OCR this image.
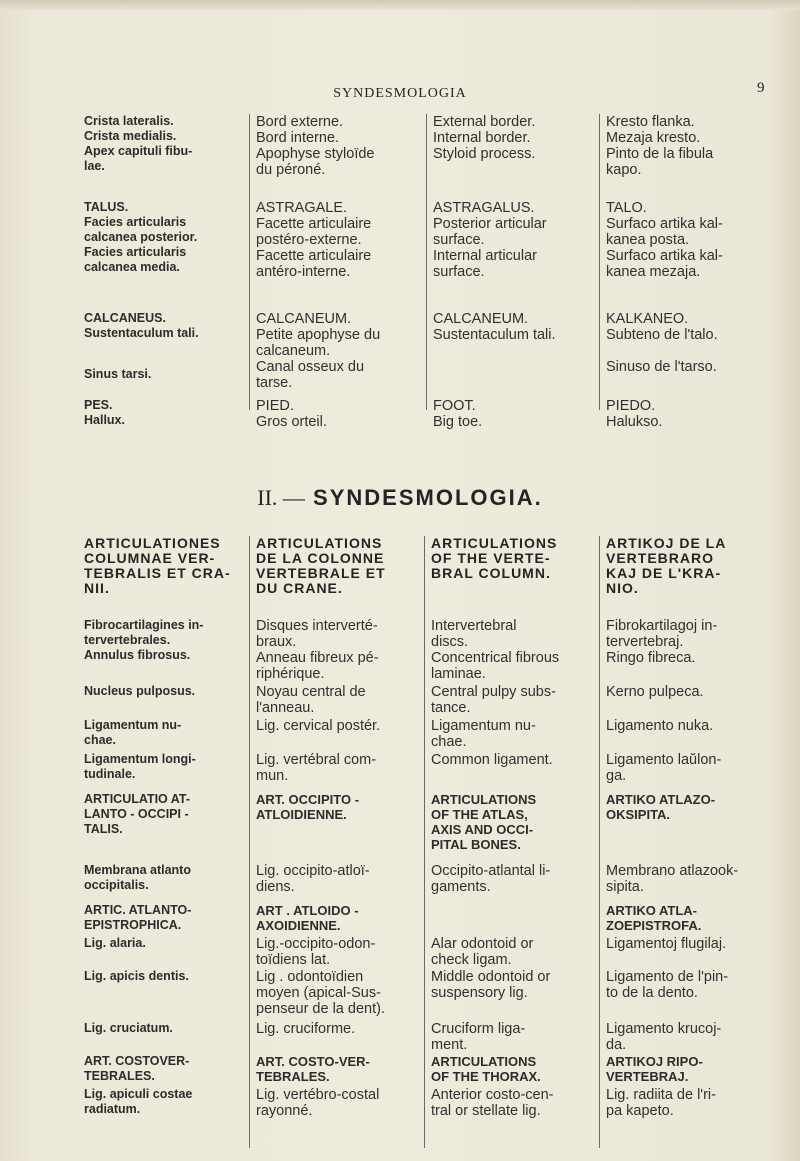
SYNDESMOLOGIA	9
Crista lateralis.
Crista medialis.
Apex capituli fibu-
lae.
TALUS.
Facies articularis
calcanea posterior.
Facies articularis
calcanea media.
CALCANEUS.
Sustentaculum tali.
Sinus tarsi.
PES.
Hallux.
Bord externe.
Bord interne.
Apophyse styloïde
du péroné.
ASTRAGALE.
Facette articulaire
postéro-externe.
Facette articulaire
antéro-interne.
CALCANEUM.
Petite apophyse du
calcaneum.
Canal osseux du
tarse.
PIED.
Gros orteil.
External border.
Internal border.
Styloid process.
ASTRAGALUS.
Posterior articular
surface.
Internal articular
surface.
CALCANEUM.
Sustentaculum tali.
FOOT.
Big toe.
Kresto flanka.
Mezaja kresto.
Pinto de la fibula
kapo.
TALO.
Surfaco artika kal-
kanea posta.
Surfaco artika kal-
kanea mezaja.
KALKANEO.
Subteno de l'talo.
Sinuso de l'tarso.
PIEDO.
Halukso.
II. — SYNDESMOLOGIA.
ARTICULATIONES
COLUMNAE VER-
TEBRALIS ET CRA-
NII.
Fibrocartilagines in-
tervertebrales.
Annulus fibrosus.
Nucleus pulposus.
Ligamentum nu-
chae.
Ligamentum longi-
tudinale.
ARTICULATIO AT-
LANTO - OCCIPI -
TALIS.
Membrana atlanto
occipitalis.
ARTIC. ATLANTO-
EPISTROPHICA.
Lig. alaria.
Lig. apicis dentis.
Lig. cruciatum.
ART. COSTOVER-
TEBRALES.
Lig. apiculi costae
radiatum.
ARTICULATIONS
DE LA COLONNE
VERTEBRALE ET
DU CRANE.
Disques interverté-
braux.
Anneau fibreux pé-
riphérique.
Noyau central de
l'anneau.
Lig. cervical postér.
Lig. vertébral com-
mun.
ART. OCCIPITO -
ATLOIDIENNE.
Lig. occipito-atloï-
diens.
ART . ATLOIDO -
AXOIDIENNE.
Lig.-occipito-odon-
toïdiens lat.
Lig . odontoïdien
moyen (apical-Sus-
penseur de la dent).
Lig. cruciforme.
ART. COSTO-VER-
TEBRALES.
Lig. vertébro-costal
rayonné.
ARTICULATIONS
OF THE VERTE-
BRAL COLUMN.
Intervertebral
discs.
Concentrical fibrous
laminae.
Central pulpy subs-
tance.
Ligamentum nu-
chae.
Common ligament.
ARTICULATIONS
OF THE ATLAS,
AXIS AND OCCI-
PITAL BONES.
Occipito-atlantal li-
gaments.
Alar odontoid or
check ligam.
Middle odontoid or
suspensory lig.
Cruciform liga-
ment.
ARTICULATIONS
OF THE THORAX.
Anterior costo-cen-
tral or stellate lig.
ARTIKOJ DE LA
VERTEBRARO
KAJ DE L'KRA-
NIO.
Fibrokartilagoj in-
tervertebraj.
Ringo fibreca.
Kerno pulpeca.
Ligamento nuka.
Ligamento laŭlon-
ga.
ARTIKO ATLAZO-
OKSIPITA.
Membrano atlazook-
sipita.
ARTIKO ATLA-
ZOEPISTROFA.
Ligamentoj flugilaj.
Ligamento de l'pin-
to de la dento.
Ligamento krucoj-
da.
ARTIKOJ RIPO-
VERTEBRAJ.
Lig. radiita de l'ri-
pa kapeto.
